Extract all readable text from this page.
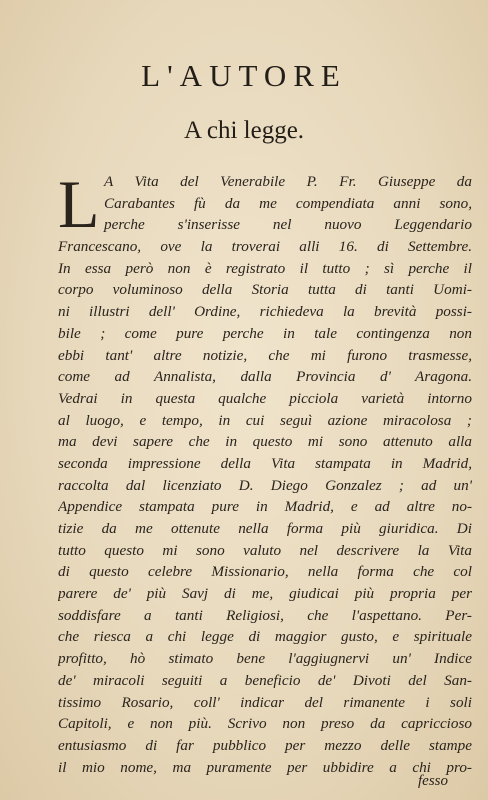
L'AUTORE
A chi legge.
L A Vita del Venerabile P. Fr. Giuseppe da
Carabantes fù da me compendiata anni sono,
perche s'inserisse nel nuovo Leggendario
Francescano, ove la troverai alli 16. di Settembre.
In essa però non è registrato il tutto ; sì perche il
corpo voluminoso della Storia tutta di tanti Uomi-
ni illustri dell' Ordine, richiedeva la brevità possi-
bile ; come pure perche in tale contingenza non
ebbi tant' altre notizie, che mi furono trasmesse,
come ad Annalista, dalla Provincia d' Aragona.
Vedrai in questa qualche picciola varietà intorno
al luogo, e tempo, in cui seguì azione miracolosa ;
ma devi sapere che in questo mi sono attenuto alla
seconda impressione della Vita stampata in Madrid,
raccolta dal licenziato D. Diego Gonzalez ; ad un'
Appendice stampata pure in Madrid, e ad altre no-
tizie da me ottenute nella forma più giuridica. Di
tutto questo mi sono valuto nel descrivere la Vita
di questo celebre Missionario, nella forma che col
parere de' più Savj di me, giudicai più propria per
soddisfare a tanti Religiosi, che l'aspettano. Per-
che riesca a chi legge di maggior gusto, e spirituale
profitto, hò stimato bene l'aggiugnervi un' Indice
de' miracoli seguiti a beneficio de' Divoti del San-
tissimo Rosario, coll' indicar del rimanente i soli
Capitoli, e non più. Scrivo non preso da capriccioso
entusiasmo di far pubblico per mezzo delle stampe
il mio nome, ma puramente per ubbidire a chi pro-
fesso
